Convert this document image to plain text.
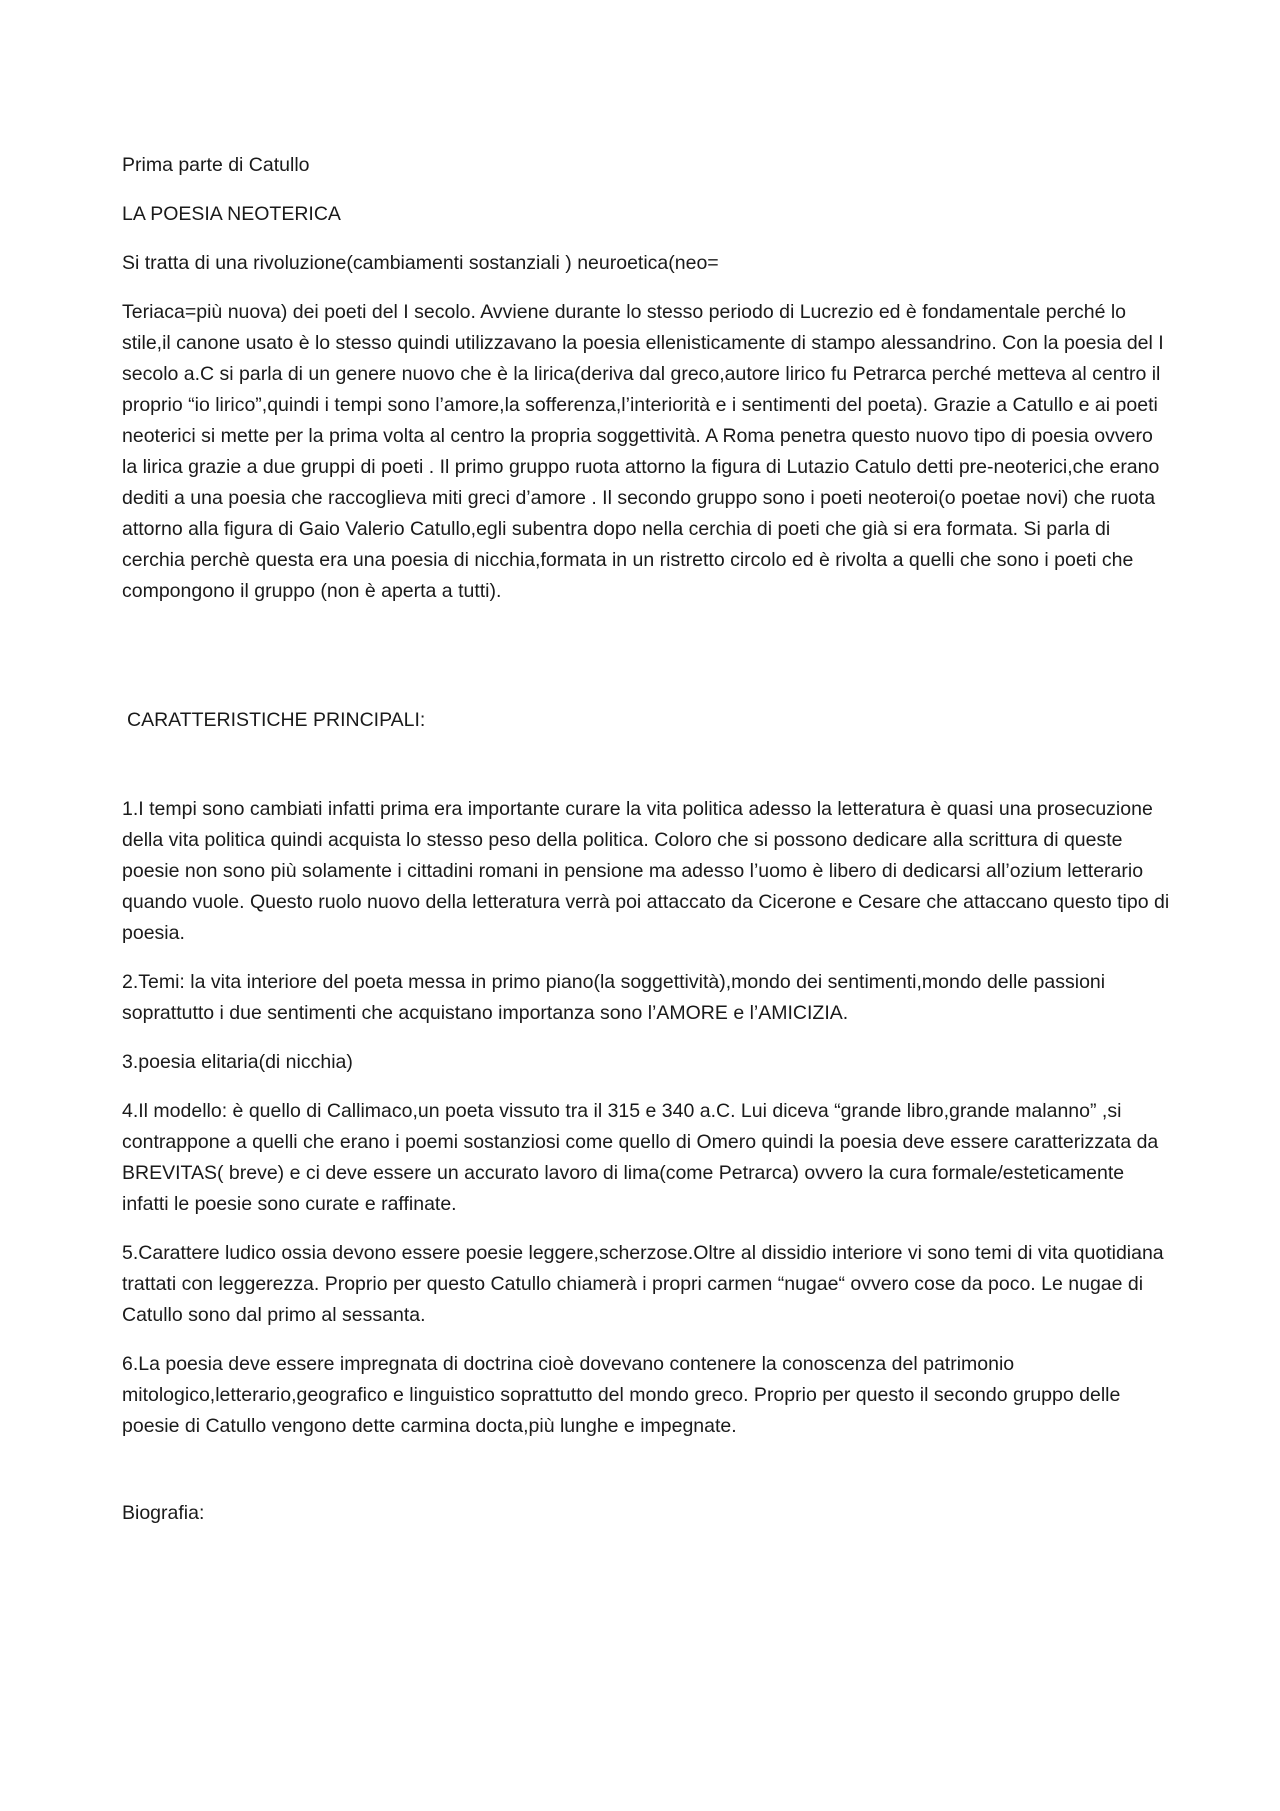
Prima parte di Catullo

LA POESIA NEOTERICA

Si tratta di una rivoluzione(cambiamenti sostanziali ) neuroetica(neo=

Teriaca=più nuova) dei poeti del I secolo. Avviene durante lo stesso periodo di Lucrezio ed è fondamentale perché lo stile,il canone usato è lo stesso quindi utilizzavano la poesia ellenisticamente di stampo alessandrino. Con la poesia del I secolo a.C si parla di un genere nuovo che è la lirica(deriva dal greco,autore lirico fu Petrarca perché metteva al centro il proprio “io lirico”,quindi i tempi sono l’amore,la sofferenza,l’interiorità e i sentimenti del poeta). Grazie a Catullo e ai poeti neoterici si mette per la prima volta al centro la propria soggettività. A Roma penetra questo nuovo tipo di poesia ovvero la lirica grazie a due gruppi di poeti . Il primo gruppo ruota attorno la figura di Lutazio Catulo detti pre-neoterici,che erano dediti a una poesia che raccoglieva miti greci d’amore . Il secondo gruppo sono i poeti neoteroi(o poetae novi) che ruota attorno alla figura di Gaio Valerio Catullo,egli subentra dopo nella cerchia di poeti che già si era formata. Si parla di cerchia perchè questa era una poesia di nicchia,formata in un ristretto circolo ed è rivolta a quelli che sono i poeti che compongono il gruppo (non è aperta a tutti).

CARATTERISTICHE PRINCIPALI:

1.I tempi sono cambiati infatti prima era importante curare la vita politica adesso la letteratura è quasi una prosecuzione della vita politica quindi acquista lo stesso peso della politica. Coloro che si possono dedicare alla scrittura di queste poesie non sono più solamente i cittadini romani in pensione ma adesso l’uomo è libero di dedicarsi all’ozium letterario quando vuole. Questo ruolo nuovo della letteratura verrà poi attaccato da Cicerone e Cesare che attaccano questo tipo di poesia.

2.Temi: la vita interiore del poeta messa in primo piano(la soggettività),mondo dei sentimenti,mondo delle passioni soprattutto i due sentimenti che acquistano importanza sono l’AMORE e l’AMICIZIA.

3.poesia elitaria(di nicchia)

4.Il modello: è quello di Callimaco,un poeta vissuto tra il 315 e 340 a.C. Lui diceva “grande libro,grande malanno” ,si contrappone a quelli che erano i poemi sostanziosi come quello di Omero quindi la poesia deve essere caratterizzata da BREVITAS( breve) e ci deve essere un accurato lavoro di lima(come Petrarca) ovvero la cura formale/esteticamente infatti le poesie sono curate e raffinate.

5.Carattere ludico ossia devono essere poesie leggere,scherzose.Oltre al dissidio interiore vi sono temi di vita quotidiana trattati con leggerezza. Proprio per questo Catullo chiamerà i propri carmen “nugae“ ovvero cose da poco. Le nugae di Catullo sono dal primo al sessanta.

6.La poesia deve essere impregnata di doctrina cioè dovevano contenere la conoscenza del patrimonio mitologico,letterario,geografico e linguistico soprattutto del mondo greco. Proprio per questo il secondo gruppo delle poesie di Catullo vengono dette carmina docta,più lunghe e impegnate.

Biografia:
